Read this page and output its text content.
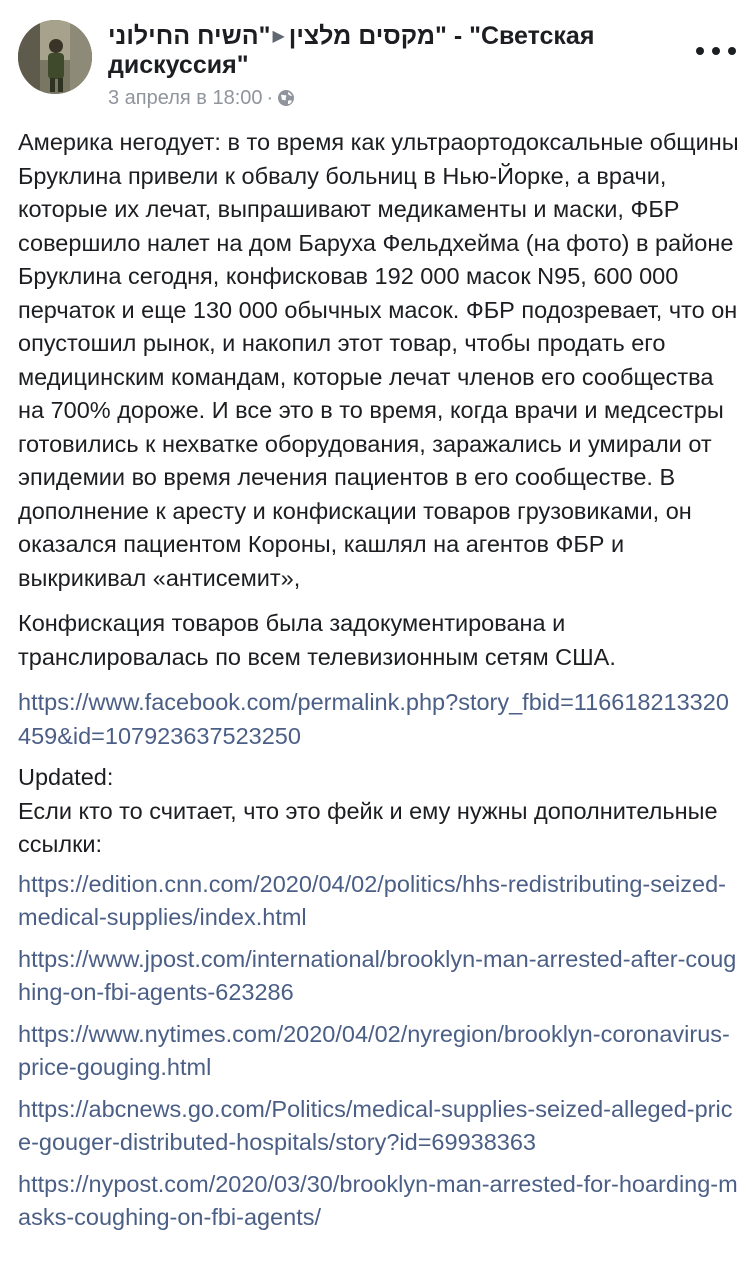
מקסים מלצין▶"השיח החילוני" - "Светская дискуссия"
3 апреля в 18:00 ·

Америка негодует: в то время как ультраортодоксальные общины Бруклина привели к обвалу больниц в Нью-Йорке, а врачи, которые их лечат, выпрашивают медикаменты и маски, ФБР совершило налет на дом Баруха Фельдхейма (на фото) в районе Бруклина сегодня, конфисковав 192 000 масок N95, 600 000 перчаток и еще 130 000 обычных масок. ФБР подозревает, что он опустошил рынок, и накопил этот товар, чтобы продать его медицинским командам, которые лечат членов его сообщества на 700% дороже. И все это в то время, когда врачи и медсестры готовились к нехватке оборудования, заражались и умирали от эпидемии во время лечения пациентов в его сообществе. В дополнение к аресту и конфискации товаров грузовиками, он оказался пациентом Короны, кашлял на агентов ФБР и выкрикивал «антисемит»,

Конфискация товаров была задокументирована и транслировалась по всем телевизионным сетям США.

https://www.facebook.com/permalink.php?story_fbid=116618213320459&id=107923637523250

Updated:

Если кто то считает, что это фейк и ему нужны дополнительные ссылки:

https://edition.cnn.com/2020/04/02/politics/hhs-redistributing-seized-medical-supplies/index.html
https://www.jpost.com/international/brooklyn-man-arrested-after-coughing-on-fbi-agents-623286
https://www.nytimes.com/2020/04/02/nyregion/brooklyn-coronavirus-price-gouging.html
https://abcnews.go.com/Politics/medical-supplies-seized-alleged-price-gouger-distributed-hospitals/story?id=69938363
https://nypost.com/2020/03/30/brooklyn-man-arrested-for-hoarding-masks-coughing-on-fbi-agents/
